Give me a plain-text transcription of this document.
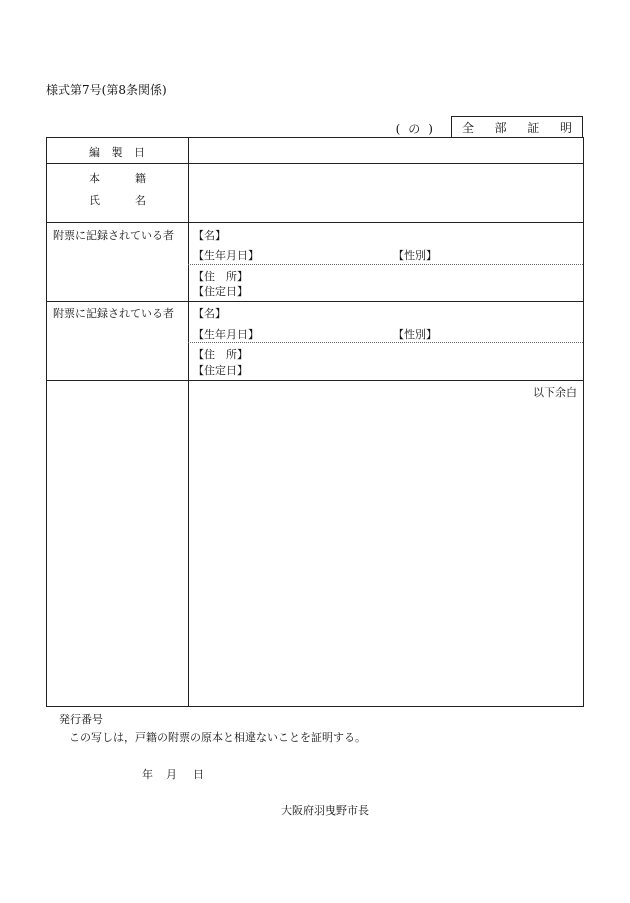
様式第7号(第8条関係)
(の) 全 部 証 明
編 製 日
本	籍
氏	名
附票に記録されている者 【名】
【生年月日】	【性別】
【住　所】
【住定日】
附票に記録されている者 【名】
【生年月日】	【性別】
【住　所】
【住定日】
以下余白
発行番号
この写しは，戸籍の附票の原本と相違ないことを証明する。
年 月 日
大阪府羽曳野市長
